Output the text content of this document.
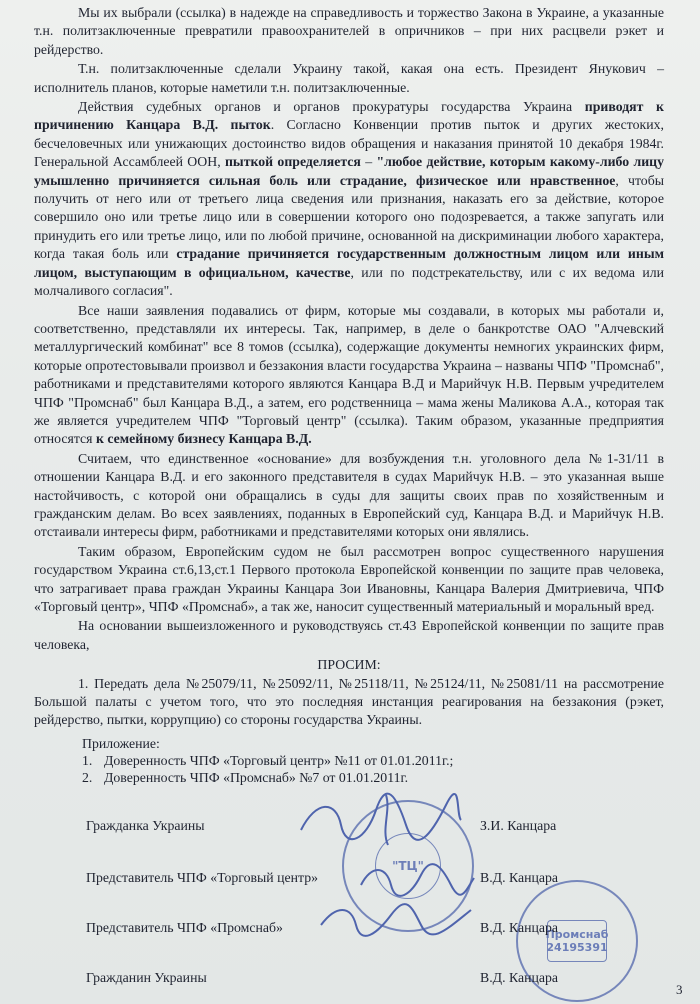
Мы их выбрали (ссылка) в надежде на справедливость и торжество Закона в Украине, а указанные т.н. политзаключенные превратили правоохранителей в опричников – при них расцвели рэкет и рейдерство.

Т.н. политзаключенные сделали Украину такой, какая она есть. Президент Янукович – исполнитель планов, которые наметили т.н. политзаключенные.

Действия судебных органов и органов прокуратуры государства Украина приводят к причинению Канцара В.Д. пыток. Согласно Конвенции против пыток и других жестоких, бесчеловечных или унижающих достоинство видов обращения и наказания принятой 10 декабря 1984г. Генеральной Ассамблеей ООН, пыткой определяется – "любое действие, которым какому-либо лицу умышленно причиняется сильная боль или страдание, физическое или нравственное, чтобы получить от него или от третьего лица сведения или признания, наказать его за действие, которое совершило оно или третье лицо или в совершении которого оно подозревается, а также запугать или принудить его или третье лицо, или по любой причине, основанной на дискриминации любого характера, когда такая боль или страдание причиняется государственным должностным лицом или иным лицом, выступающим в официальном, качестве, или по подстрекательству, или с их ведома или молчаливого согласия".

Все наши заявления подавались от фирм, которые мы создавали, в которых мы работали и, соответственно, представляли их интересы. Так, например, в деле о банкротстве ОАО "Алчевский металлургический комбинат" все 8 томов (ссылка), содержащие документы немногих украинских фирм, которые опротестовывали произвол и беззакония власти государства Украина – названы ЧПФ "Промснаб", работниками и представителями которого являются Канцара В.Д и Марийчук Н.В. Первым учредителем ЧПФ "Промснаб" был Канцара В.Д., а затем, его родственница – мама жены Маликова А.А., которая так же является учредителем ЧПФ "Торговый центр" (ссылка). Таким образом, указанные предприятия относятся к семейному бизнесу Канцара В.Д.

Считаем, что единственное «основание» для возбуждения т.н. уголовного дела №1-31/11 в отношении Канцара В.Д. и его законного представителя в судах Марийчук Н.В. – это указанная выше настойчивость, с которой они обращались в суды для защиты своих прав по хозяйственным и гражданским делам. Во всех заявлениях, поданных в Европейский суд, Канцара В.Д. и Марийчук Н.В. отстаивали интересы фирм, работниками и представителями которых они являлись.

Таким образом, Европейским судом не был рассмотрен вопрос существенного нарушения государством Украина ст.6,13,ст.1 Первого протокола Европейской конвенции по защите прав человека, что затрагивает права граждан Украины Канцара Зои Ивановны, Канцара Валерия Дмитриевича, ЧПФ «Торговый центр», ЧПФ «Промснаб», а так же, наносит существенный материальный и моральный вред.

На основании вышеизложенного и руководствуясь ст.43 Европейской конвенции по защите прав человека,

ПРОСИМ:

1. Передать дела №25079/11, №25092/11, №25118/11, №25124/11, №25081/11 на рассмотрение Большой палаты с учетом того, что это последняя инстанция реагирования на беззакония (рэкет, рейдерство, пытки, коррупцию) со стороны государства Украины.

Приложение:
1. Доверенность ЧПФ «Торговый центр» №11 от 01.01.2011г.;
2. Доверенность ЧПФ «Промснаб» №7 от 01.01.2011г.
"ТЦ"
Промснаб
24195391
Гражданка Украины	З.И. Канцара
Представитель ЧПФ «Торговый центр»	В.Д. Канцара
Представитель ЧПФ «Промснаб»	В.Д. Канцара
Гражданин Украины	В.Д. Канцара
3
